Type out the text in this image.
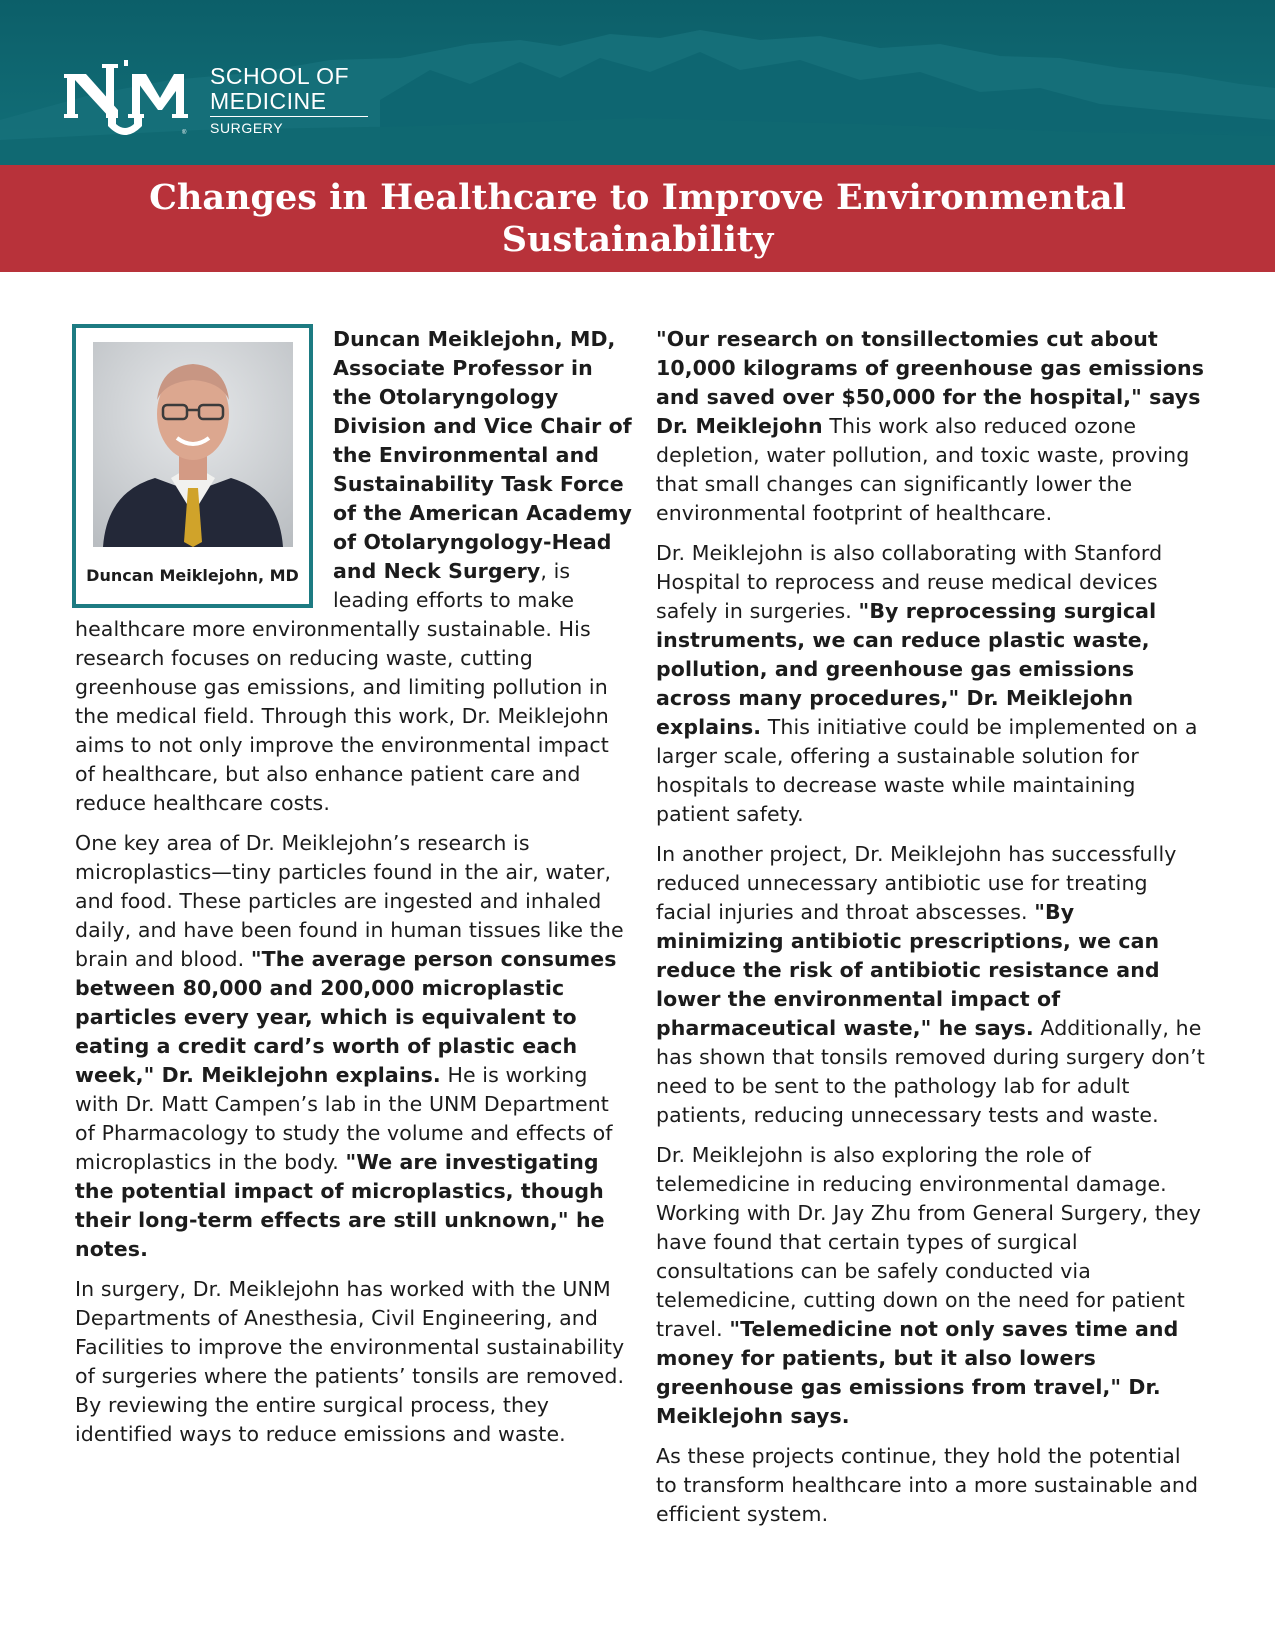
®
SCHOOL OF
MEDICINE
SURGERY
Changes in Healthcare to Improve Environmental Sustainability
Duncan Meiklejohn, MD
Duncan Meiklejohn, MD, Associate Professor in the Otolaryngology Division and Vice Chair of the Environmental and Sustainability Task Force of the American Academy of Otolaryngology-Head and Neck Surgery, is leading efforts to make

healthcare more environmentally sustainable. His research focuses on reducing waste, cutting greenhouse gas emissions, and limiting pollution in the medical field. Through this work, Dr. Meiklejohn aims to not only improve the environmental impact of healthcare, but also enhance patient care and reduce healthcare costs.

One key area of Dr. Meiklejohn’s research is microplastics—tiny particles found in the air, water, and food. These particles are ingested and inhaled daily, and have been found in human tissues like the brain and blood. "The average person consumes between 80,000 and 200,000 microplastic particles every year, which is equivalent to eating a credit card’s worth of plastic each week," Dr. Meiklejohn explains. He is working with Dr. Matt Campen’s lab in the UNM Department of Pharmacology to study the volume and effects of microplastics in the body. "We are investigating the potential impact of microplastics, though their long-term effects are still unknown," he notes.

In surgery, Dr. Meiklejohn has worked with the UNM Departments of Anesthesia, Civil Engineering, and Facilities to improve the environmental sustainability of surgeries where the patients’ tonsils are removed. By reviewing the entire surgical process, they identified ways to reduce emissions and waste.

"Our research on tonsillectomies cut about 10,000 kilograms of greenhouse gas emissions and saved over $50,000 for the hospital," says Dr. Meiklejohn This work also reduced ozone depletion, water pollution, and toxic waste, proving that small changes can significantly lower the environmental footprint of healthcare.

Dr. Meiklejohn is also collaborating with Stanford Hospital to reprocess and reuse medical devices safely in surgeries. "By reprocessing surgical instruments, we can reduce plastic waste, pollution, and greenhouse gas emissions across many procedures," Dr. Meiklejohn explains. This initiative could be implemented on a larger scale, offering a sustainable solution for hospitals to decrease waste while maintaining patient safety.

In another project, Dr. Meiklejohn has successfully reduced unnecessary antibiotic use for treating facial injuries and throat abscesses. "By minimizing antibiotic prescriptions, we can reduce the risk of antibiotic resistance and lower the environmental impact of pharmaceutical waste," he says. Additionally, he has shown that tonsils removed during surgery don’t need to be sent to the pathology lab for adult patients, reducing unnecessary tests and waste.

Dr. Meiklejohn is also exploring the role of telemedicine in reducing environmental damage. Working with Dr. Jay Zhu from General Surgery, they have found that certain types of surgical consultations can be safely conducted via telemedicine, cutting down on the need for patient travel. "Telemedicine not only saves time and money for patients, but it also lowers greenhouse gas emissions from travel," Dr. Meiklejohn says.

As these projects continue, they hold the potential to transform healthcare into a more sustainable and efficient system.
